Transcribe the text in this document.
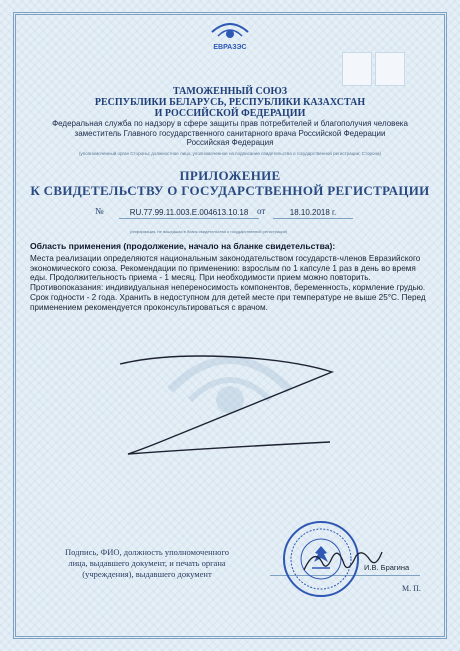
ЕВРАЗЭС
ТАМОЖЕННЫЙ СОЮЗ
РЕСПУБЛИКИ БЕЛАРУСЬ, РЕСПУБЛИКИ КАЗАХСТАН
И РОССИЙСКОЙ ФЕДЕРАЦИИ
Федеральная служба по надзору в сфере защиты прав потребителей и благополучия человека
заместитель Главного государственного санитарного врача Российской Федерации
Российская Федерация
(уполномоченный орган Стороны; должностное лицо, уполномоченное на подписание свидетельства о государственной регистрации; Сторона)
ПРИЛОЖЕНИЕ
К СВИДЕТЕЛЬСТВУ О ГОСУДАРСТВЕННОЙ РЕГИСТРАЦИИ
№	RU.77.99.11.003.E.004613.10.18 от	18.10.2018 г.
(информация, не вошедшая в бланк свидетельства о государственной регистрации)
Область применения (продолжение, начало на бланке свидетельства):
Места реализации определяются национальным законодательством государств-членов Евразийского экономического союза. Рекомендации по применению: взрослым по 1 капсуле 1 раз в день во время еды. Продолжительность приема - 1 месяц. При необходимости прием можно повторить. Противопоказания: индивидуальная непереносимость компонентов, беременность, кормление грудью. Срок годности - 2 года. Хранить в недоступном для детей месте при температуре не выше 25°С. Перед применением рекомендуется проконсультироваться с врачом.
Подпись, ФИО, должность уполномоченного
лица, выдавшего документ, и печать органа
(учреждения), выдавшего документ
И.В. Брагина
М. П.
